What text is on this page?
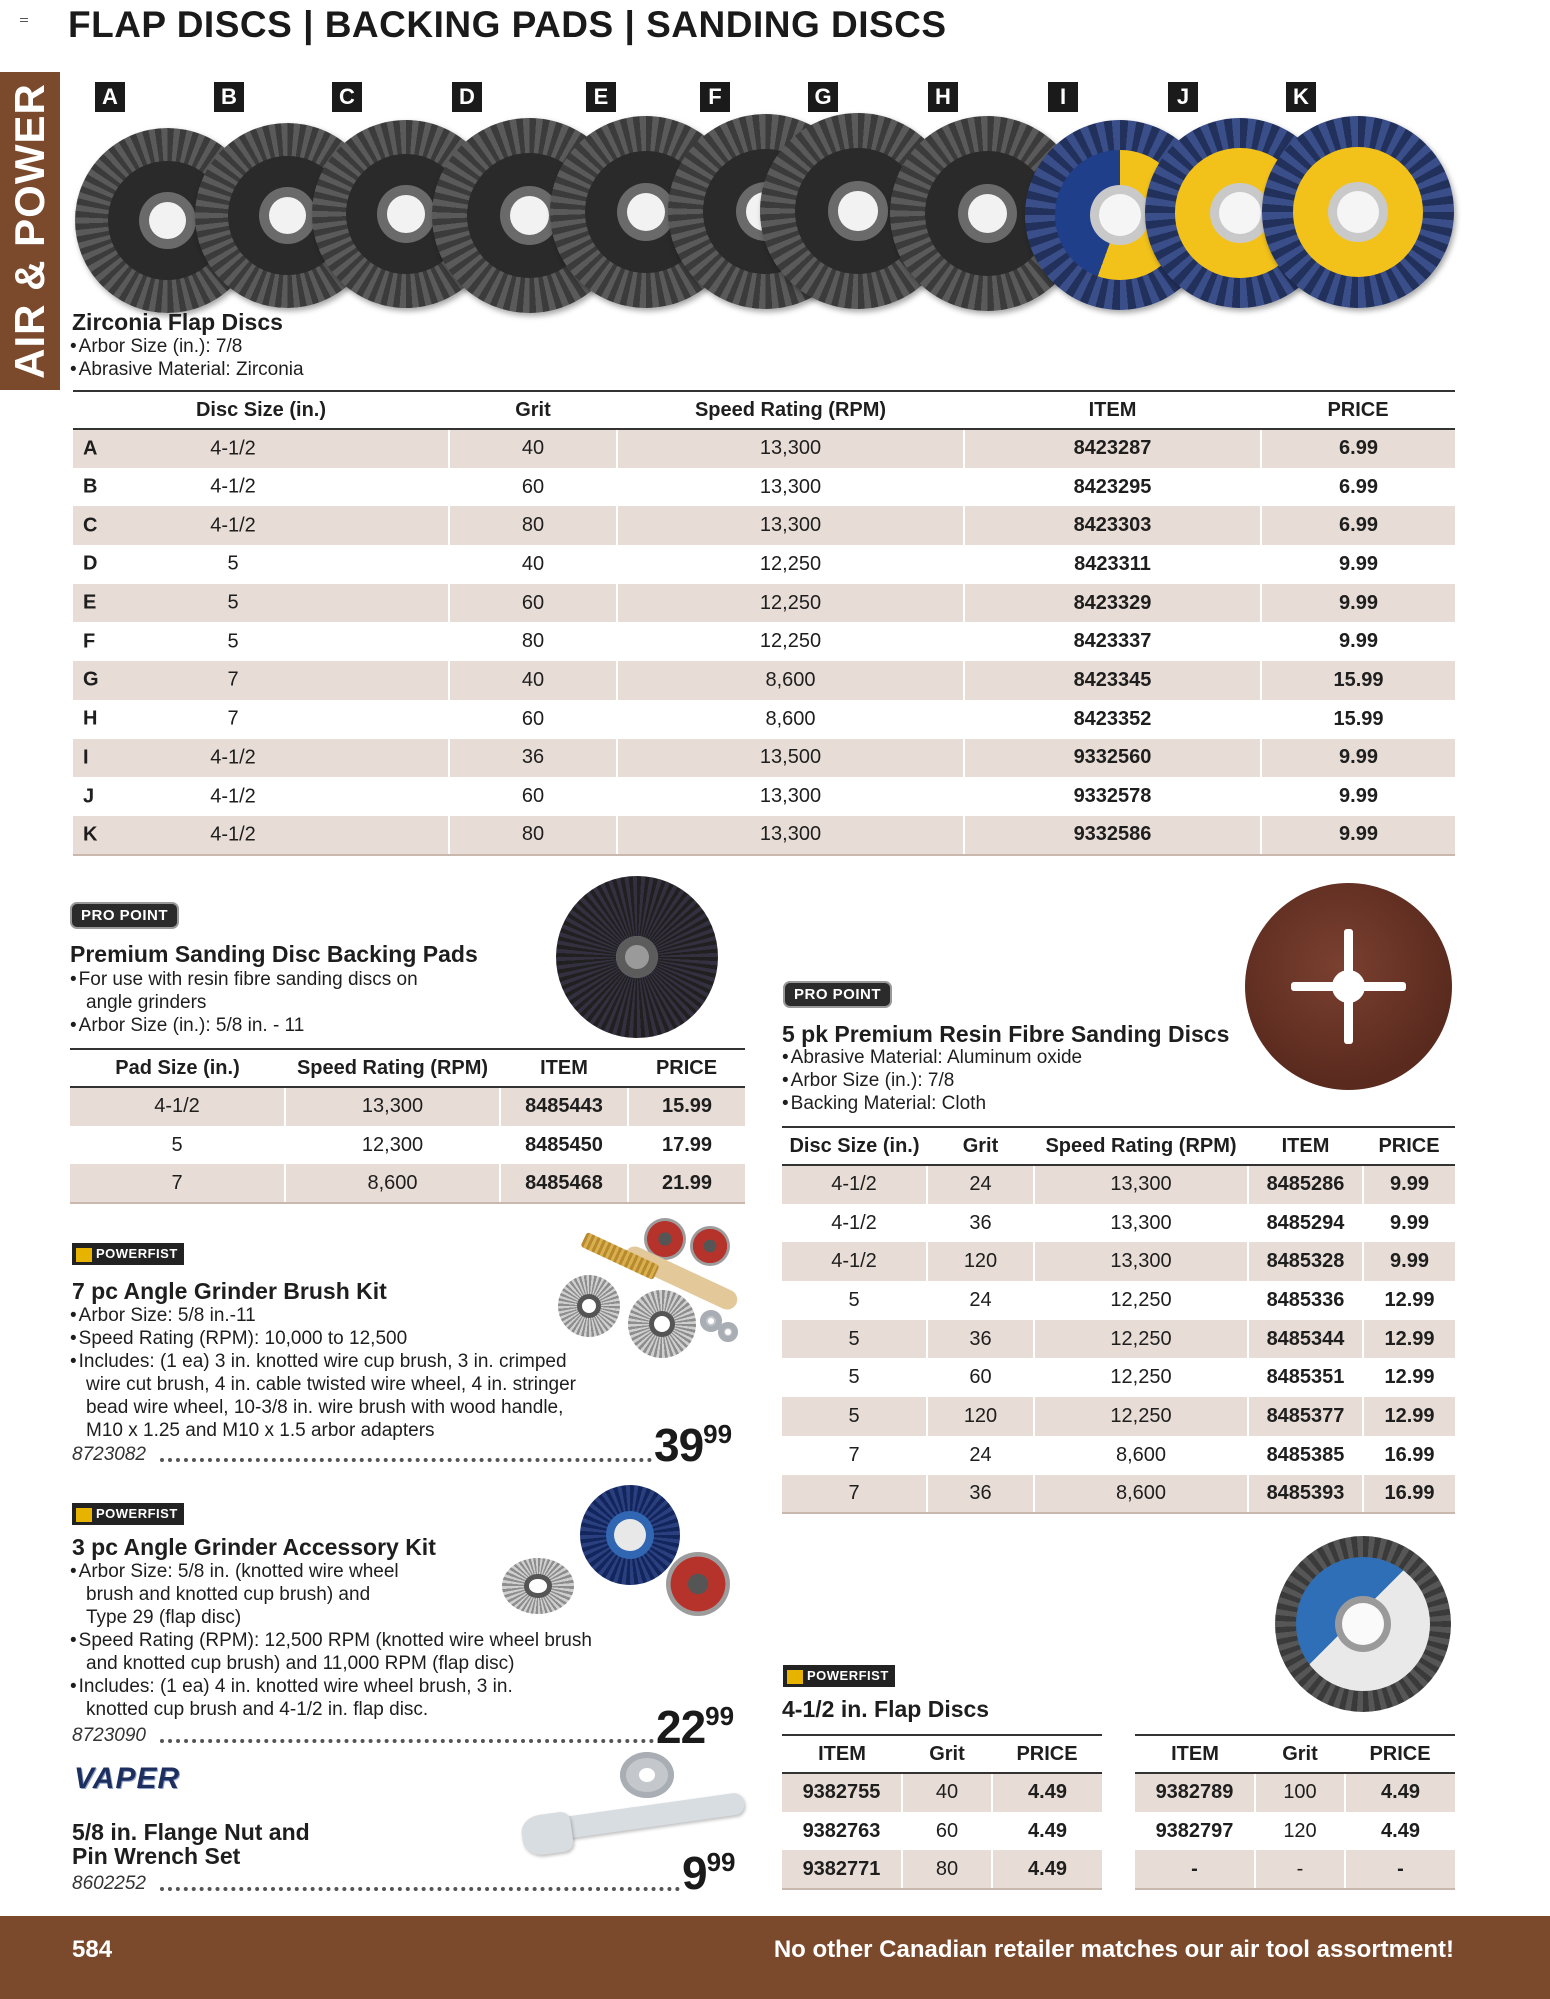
FLAP DISCS | BACKING PADS | SANDING DISCS
AIR & POWER	A	B	C	D	E	F	G	H	I	J	K
Zirconia Flap Discs
• Arbor Size (in.): 7/8
• Abrasive Material: Zirconia
Disc Size (in.)	Grit	Speed Rating (RPM)	ITEM	PRICE

A 4-1/2	40	13,300	8423287	6.99

B 4-1/2	60	13,300	8423295	6.99

C 4-1/2	80	13,300	8423303	6.99

D 5	40	12,250	8423311	9.99

E 5	60	12,250	8423329	9.99

F 5	80	12,250	8423337	9.99

G 7	40	8,600	8423345	15.99

H 7	60	8,600	8423352	15.99

I 4-1/2	36	13,500	9332560	9.99

J 4-1/2	60	13,300	9332578	9.99

K 4-1/2	80	13,300	9332586	9.99
PRO POINT
Premium Sanding Disc Backing Pads
• For use with resin fibre sanding discs on
angle grinders
• Arbor Size (in.): 5/8 in. - 11
Pad Size (in.)	Speed Rating (RPM)	ITEM	PRICE
4-1/2	13,300	8485443	15.99
5	12,300	8485450	17.99
7	8,600	8485468	21.99
PRO POINT
5 pk Premium Resin Fibre Sanding Discs
• Abrasive Material: Aluminum oxide
• Arbor Size (in.): 7/8
• Backing Material: Cloth
Disc Size (in.)	Grit	Speed Rating (RPM)	ITEM	PRICE
4-1/2	24	13,300	8485286	9.99
4-1/2	36	13,300	8485294	9.99
4-1/2	120	13,300	8485328	9.99
5	24	12,250	8485336	12.99
5	36	12,250	8485344	12.99
5	60	12,250	8485351	12.99
5	120	12,250	8485377	12.99
7	24	8,600	8485385	16.99
7	36	8,600	8485393	16.99
POWERFIST
7 pc Angle Grinder Brush Kit
• Arbor Size: 5/8 in.-11
• Speed Rating (RPM): 10,000 to 12,500
• Includes: (1 ea) 3 in. knotted wire cup brush, 3 in. crimped
wire cut brush, 4 in. cable twisted wire wheel, 4 in. stringer
bead wire wheel, 10-3/8 in. wire brush with wood handle,
M10 x 1.25 and M10 x 1.5 arbor adapters
8723082	$39^{99}$
POWERFIST
3 pc Angle Grinder Accessory Kit
• Arbor Size: 5/8 in. (knotted wire wheel
brush and knotted cup brush) and
Type 29 (flap disc)
• Speed Rating (RPM): 12,500 RPM (knotted wire wheel brush
and knotted cup brush) and 11,000 RPM (flap disc)
• Includes: (1 ea) 4 in. knotted wire wheel brush, 3 in.
knotted cup brush and 4-1/2 in. flap disc.
8723090	$22^{99}$
VAPER
5/8 in. Flange Nut and
Pin Wrench Set
8602252	$9^{99}$
POWERFIST
4-1/2 in. Flap Discs
ITEM	Grit	PRICE
9382755	40	4.49
9382763	60	4.49
9382771	80	4.49
ITEM	Grit	PRICE
9382789	100	4.49
9382797	120	4.49
-	-	-
584	No other Canadian retailer matches our air tool assortment!
